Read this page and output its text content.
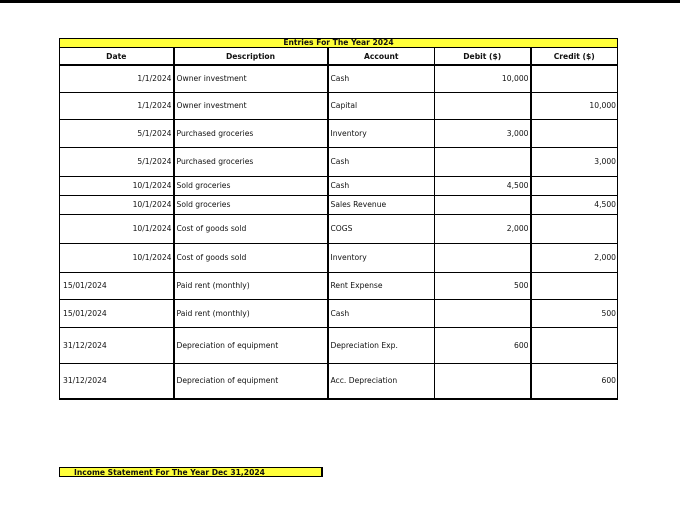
Entries For The Year 2024				
Date	Description	Account	Debit ($)	Credit ($)
1/1/2024	Owner investment	Cash	10,000	
1/1/2024	Owner investment	Capital		10,000
5/1/2024	Purchased groceries	Inventory	3,000	
5/1/2024	Purchased groceries	Cash		3,000
10/1/2024	Sold groceries	Cash	4,500	
10/1/2024	Sold groceries	Sales Revenue		4,500
10/1/2024	Cost of goods sold	COGS	2,000	
10/1/2024	Cost of goods sold	Inventory		2,000
15/01/2024	Paid rent (monthly)	Rent Expense	500	
15/01/2024	Paid rent (monthly)	Cash		500
31/12/2024	Depreciation of equipment	Depreciation Exp.	600	
31/12/2024	Depreciation of equipment	Acc. Depreciation		600
Income Statement For The Year Dec 31,2024
